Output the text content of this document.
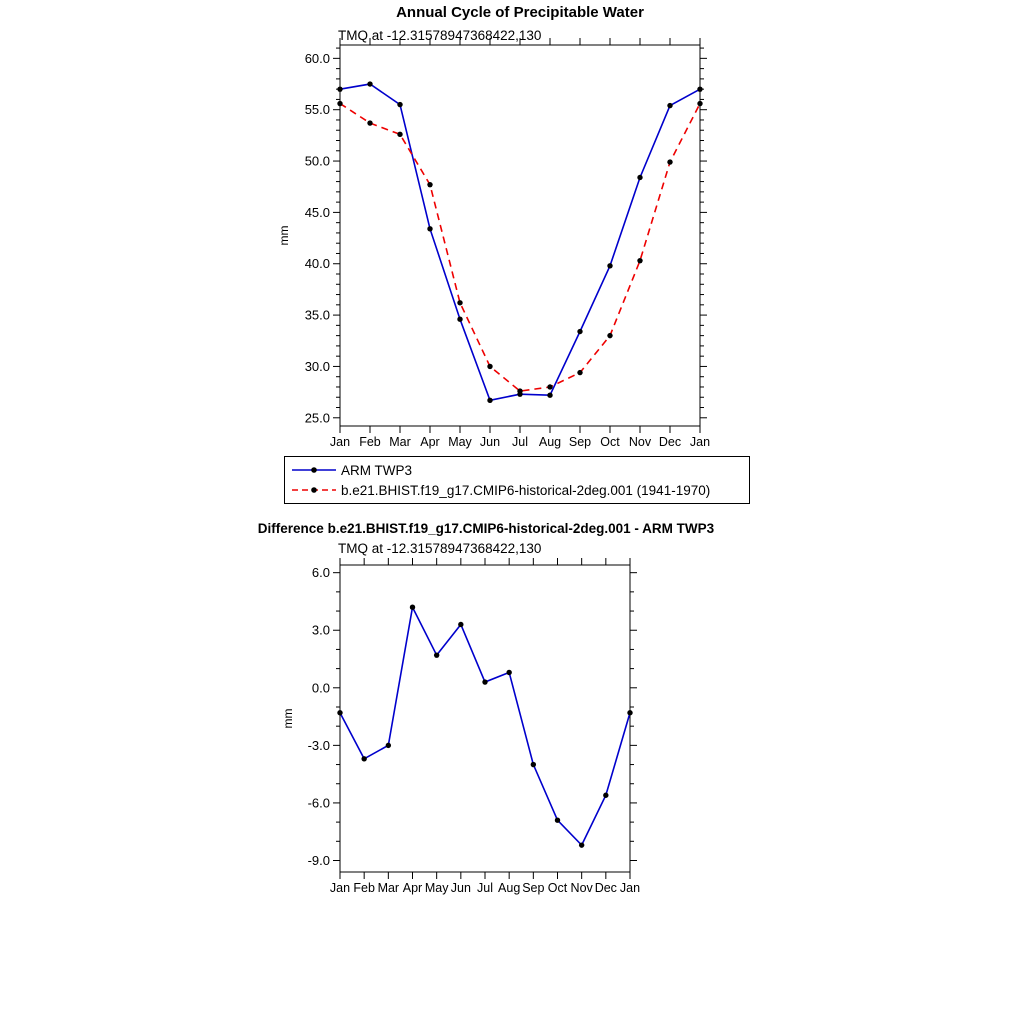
Annual Cycle of Precipitable Water
TMQ at -12.31578947368422,130
Difference b.e21.BHIST.f19_g17.CMIP6-historical-2deg.001 - ARM TWP3
TMQ at -12.31578947368422,130
25.0
30.0
35.0
40.0
45.0
50.0
55.0
60.0
Jan Feb Mar Apr May Jun Jul Aug Sep Oct Nov Dec Jan
mm
-9.0
-6.0
-3.0
0.0
3.0
6.0
Jan Feb Mar Apr May Jun Jul Aug Sep Oct Nov Dec Jan
mm
ARM TWP3
b.e21.BHIST.f19_g17.CMIP6-historical-2deg.001 (1941-1970)
